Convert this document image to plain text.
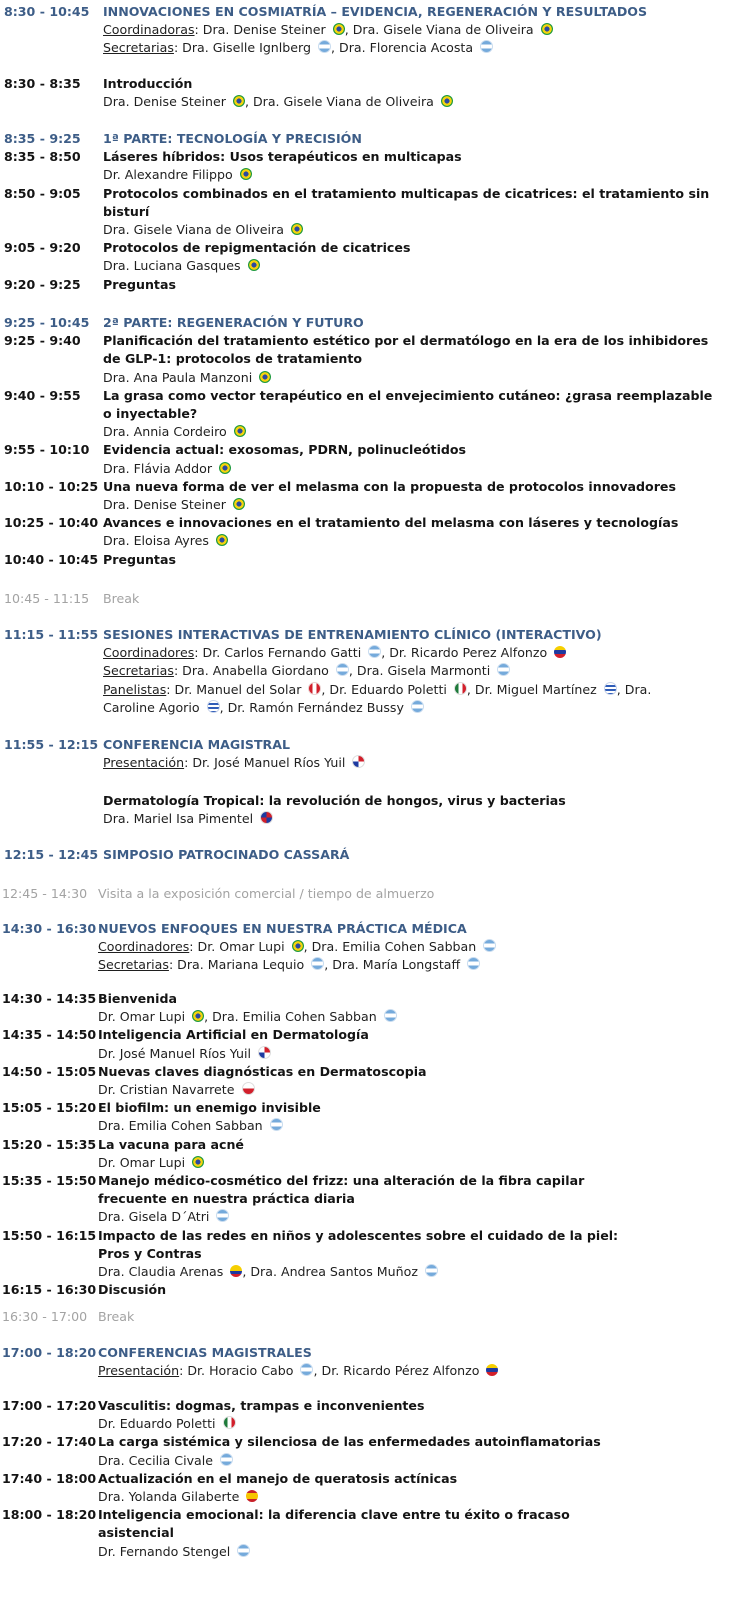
8:30 - 10:45 INNOVACIONES EN COSMIATRÍA – EVIDENCIA, REGENERACIÓN Y RESULTADOS
Coordinadoras: Dra. Denise Steiner , Dra. Gisele Viana de Oliveira
Secretarias: Dra. Giselle Ignlberg , Dra. Florencia Acosta
8:30 - 8:35 Introducción
Dra. Denise Steiner , Dra. Gisele Viana de Oliveira
8:35 - 9:25 1ª PARTE: TECNOLOGÍA Y PRECISIÓN
8:35 - 8:50 Láseres híbridos: Usos terapéuticos en multicapas
Dr. Alexandre Filippo
8:50 - 9:05 Protocolos combinados en el tratamiento multicapas de cicatrices: el tratamiento sin
bisturí
Dra. Gisele Viana de Oliveira
9:05 - 9:20 Protocolos de repigmentación de cicatrices
Dra. Luciana Gasques
9:20 - 9:25 Preguntas
9:25 - 10:45 2ª PARTE: REGENERACIÓN Y FUTURO
9:25 - 9:40 Planificación del tratamiento estético por el dermatólogo en la era de los inhibidores
de GLP-1: protocolos de tratamiento
Dra. Ana Paula Manzoni
9:40 - 9:55 La grasa como vector terapéutico en el envejecimiento cutáneo: ¿grasa reemplazable
o inyectable?
Dra. Annia Cordeiro
9:55 - 10:10 Evidencia actual: exosomas, PDRN, polinucleótidos
Dra. Flávia Addor
10:10 - 10:25 Una nueva forma de ver el melasma con la propuesta de protocolos innovadores
Dra. Denise Steiner
10:25 - 10:40 Avances e innovaciones en el tratamiento del melasma con láseres y tecnologías
Dra. Eloisa Ayres
10:40 - 10:45 Preguntas
10:45 - 11:15 Break
11:15 - 11:55 SESIONES INTERACTIVAS DE ENTRENAMIENTO CLÍNICO (INTERACTIVO)
Coordinadores: Dr. Carlos Fernando Gatti , Dr. Ricardo Perez Alfonzo
Secretarias: Dra. Anabella Giordano , Dra. Gisela Marmonti
Panelistas: Dr. Manuel del Solar , Dr. Eduardo Poletti , Dr. Miguel Martínez , Dra.
Caroline Agorio , Dr. Ramón Fernández Bussy
11:55 - 12:15 CONFERENCIA MAGISTRAL
Presentación: Dr. José Manuel Ríos Yuil
Dermatología Tropical: la revolución de hongos, virus y bacterias
Dra. Mariel Isa Pimentel
12:15 - 12:45 SIMPOSIO PATROCINADO CASSARÁ
12:45 - 14:30 Visita a la exposición comercial / tiempo de almuerzo
14:30 - 16:30 NUEVOS ENFOQUES EN NUESTRA PRÁCTICA MÉDICA
Coordinadores: Dr. Omar Lupi , Dra. Emilia Cohen Sabban
Secretarias: Dra. Mariana Lequio , Dra. María Longstaff
14:30 - 14:35 Bienvenida
Dr. Omar Lupi , Dra. Emilia Cohen Sabban
14:35 - 14:50 Inteligencia Artificial en Dermatología
Dr. José Manuel Ríos Yuil
14:50 - 15:05 Nuevas claves diagnósticas en Dermatoscopia
Dr. Cristian Navarrete
15:05 - 15:20 El biofilm: un enemigo invisible
Dra. Emilia Cohen Sabban
15:20 - 15:35 La vacuna para acné
Dr. Omar Lupi
15:35 - 15:50 Manejo médico-cosmético del frizz: una alteración de la fibra capilar
frecuente en nuestra práctica diaria
Dra. Gisela D´Atri
15:50 - 16:15 Impacto de las redes en niños y adolescentes sobre el cuidado de la piel:
Pros y Contras
Dra. Claudia Arenas , Dra. Andrea Santos Muñoz
16:15 - 16:30 Discusión
16:30 - 17:00 Break
17:00 - 18:20 CONFERENCIAS MAGISTRALES
Presentación: Dr. Horacio Cabo , Dr. Ricardo Pérez Alfonzo
17:00 - 17:20 Vasculitis: dogmas, trampas e inconvenientes
Dr. Eduardo Poletti
17:20 - 17:40 La carga sistémica y silenciosa de las enfermedades autoinflamatorias
Dra. Cecilia Civale
17:40 - 18:00 Actualización en el manejo de queratosis actínicas
Dra. Yolanda Gilaberte
18:00 - 18:20 Inteligencia emocional: la diferencia clave entre tu éxito o fracaso
asistencial
Dr. Fernando Stengel
